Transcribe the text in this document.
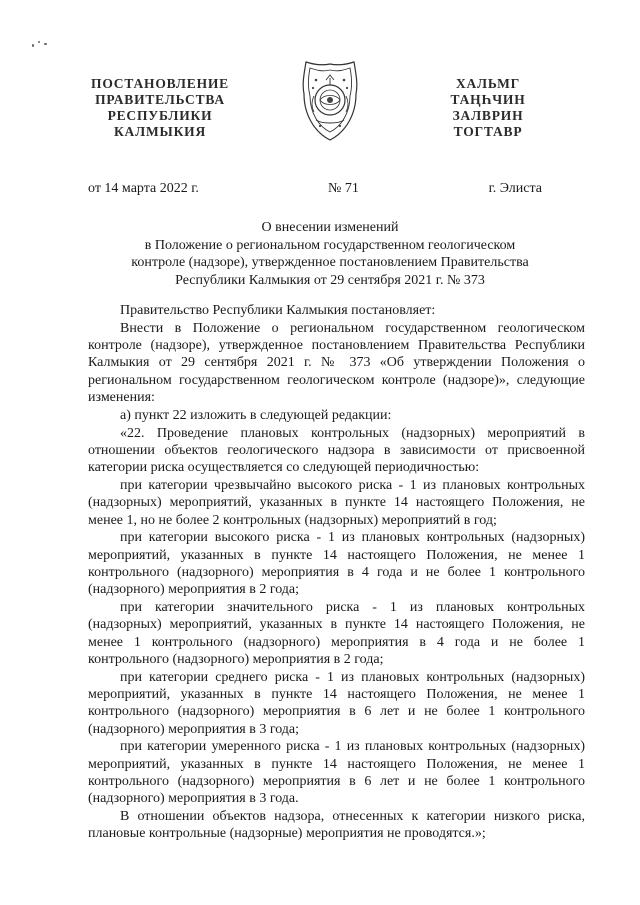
ПОСТАНОВЛЕНИЕ
ПРАВИТЕЛЬСТВА
РЕСПУБЛИКИ
КАЛМЫКИЯ
ХАЛЬМГ
ТАҢҺЧИН
ЗАЛВРИН
ТОГТАВР
от 14 марта 2022 г.	№ 71	г. Элиста
О внесении изменений
в Положение о региональном государственном геологическом
контроле (надзоре), утвержденное постановлением Правительства
Республики Калмыкия от 29 сентября 2021 г. № 373

Правительство Республики Калмыкия постановляет:

Внести в Положение о региональном государственном геологическом контроле (надзоре), утвержденное постановлением Правительства Республики Калмыкия от 29 сентября 2021 г. № 373 «Об утверждении Положения о региональном государственном геологическом контроле (надзоре)», следующие изменения:

а) пункт 22 изложить в следующей редакции:

«22. Проведение плановых контрольных (надзорных) мероприятий в отношении объектов геологического надзора в зависимости от присвоенной категории риска осуществляется со следующей периодичностью:

при категории чрезвычайно высокого риска - 1 из плановых контрольных (надзорных) мероприятий, указанных в пункте 14 настоящего Положения, не менее 1, но не более 2 контрольных (надзорных) мероприятий в год;

при категории высокого риска - 1 из плановых контрольных (надзорных) мероприятий, указанных в пункте 14 настоящего Положения, не менее 1 контрольного (надзорного) мероприятия в 4 года и не более 1 контрольного (надзорного) мероприятия в 2 года;

при категории значительного риска - 1 из плановых контрольных (надзорных) мероприятий, указанных в пункте 14 настоящего Положения, не менее 1 контрольного (надзорного) мероприятия в 4 года и не более 1 контрольного (надзорного) мероприятия в 2 года;

при категории среднего риска - 1 из плановых контрольных (надзорных) мероприятий, указанных в пункте 14 настоящего Положения, не менее 1 контрольного (надзорного) мероприятия в 6 лет и не более 1 контрольного (надзорного) мероприятия в 3 года;

при категории умеренного риска - 1 из плановых контрольных (надзорных) мероприятий, указанных в пункте 14 настоящего Положения, не менее 1 контрольного (надзорного) мероприятия в 6 лет и не более 1 контрольного (надзорного) мероприятия в 3 года.

В отношении объектов надзора, отнесенных к категории низкого риска, плановые контрольные (надзорные) мероприятия не проводятся.»;
